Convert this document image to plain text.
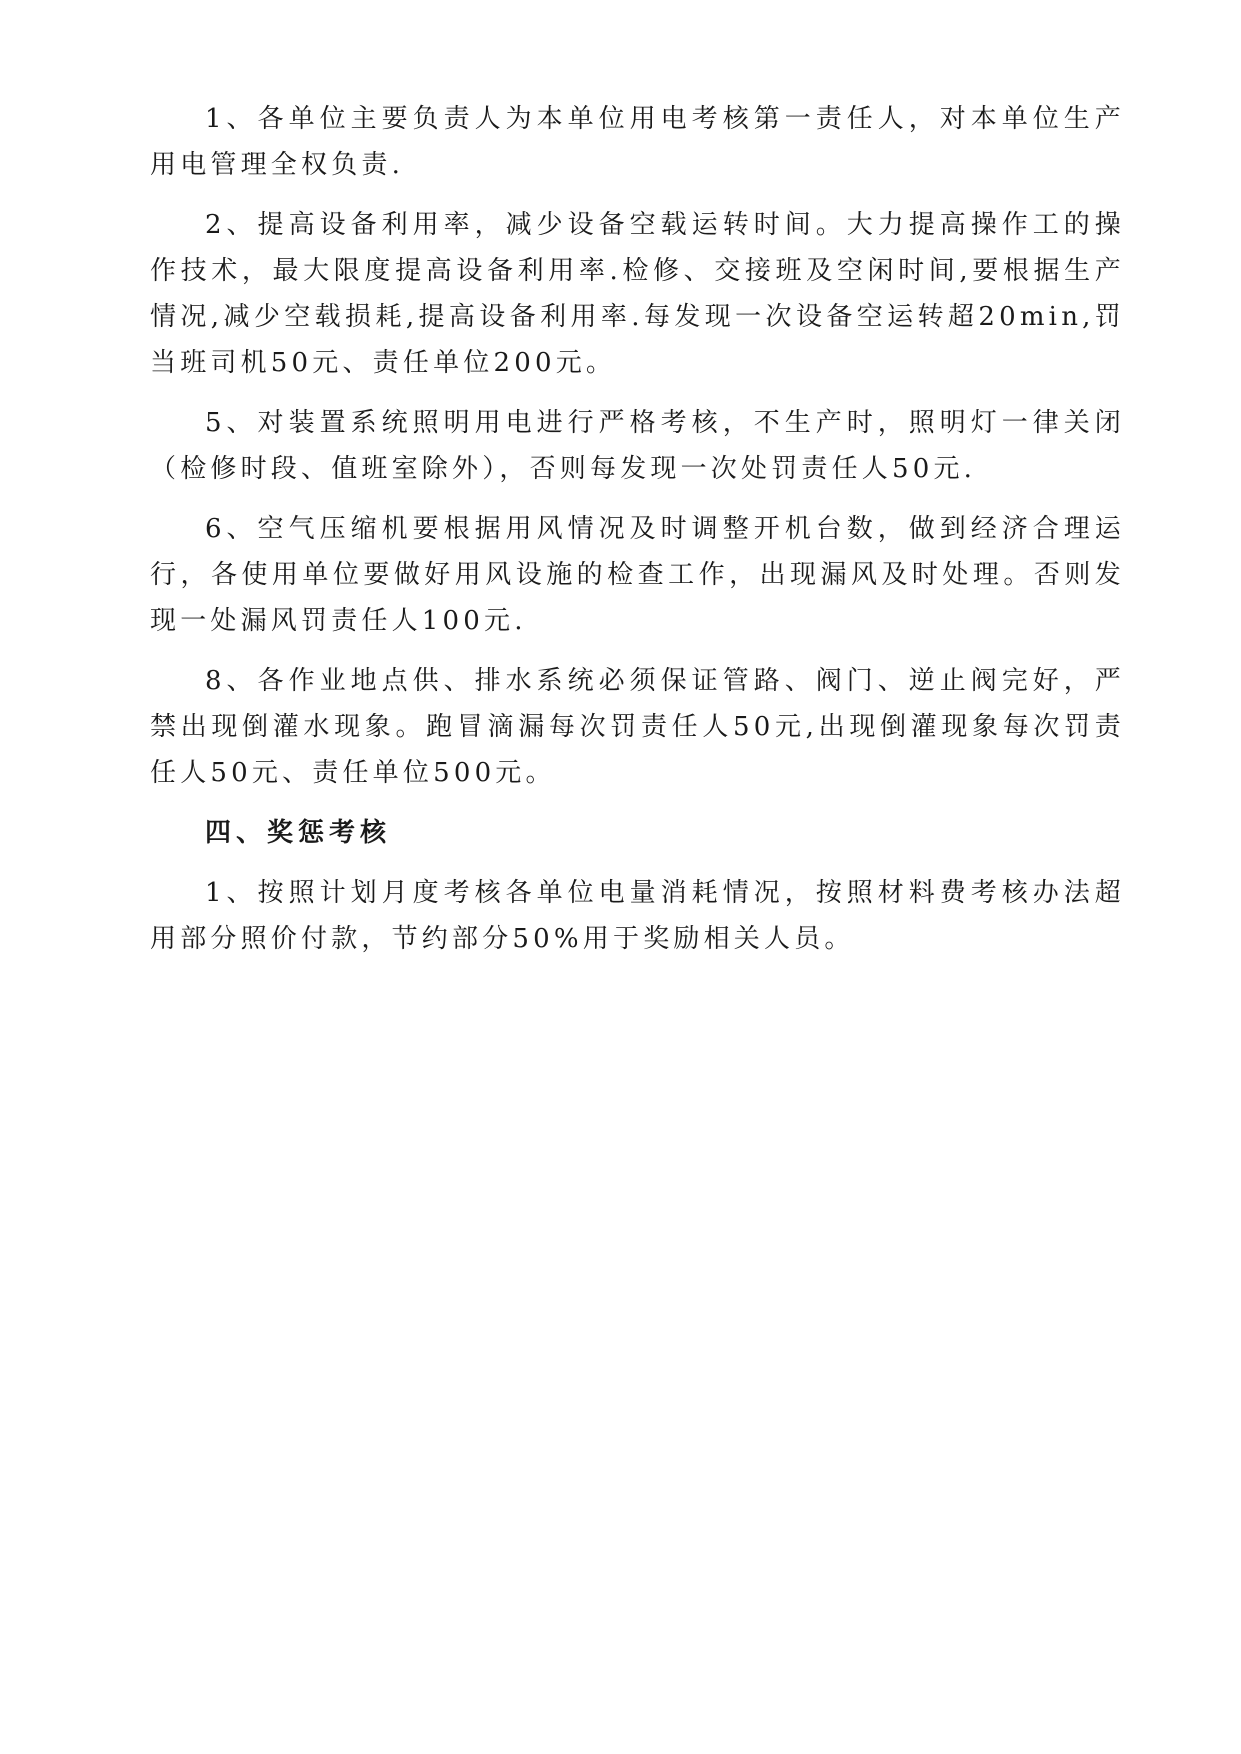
1、各单位主要负责人为本单位用电考核第一责任人，对本单位生产用电管理全权负责.

2、提高设备利用率，减少设备空载运转时间。大力提高操作工的操作技术，最大限度提高设备利用率.检修、交接班及空闲时间,要根据生产情况,减少空载损耗,提高设备利用率.每发现一次设备空运转超20min,罚当班司机50元、责任单位200元。

5、对装置系统照明用电进行严格考核，不生产时，照明灯一律关闭（检修时段、值班室除外），否则每发现一次处罚责任人50元.

6、空气压缩机要根据用风情况及时调整开机台数，做到经济合理运行，各使用单位要做好用风设施的检查工作，出现漏风及时处理。否则发现一处漏风罚责任人100元.

8、各作业地点供、排水系统必须保证管路、阀门、逆止阀完好，严禁出现倒灌水现象。跑冒滴漏每次罚责任人50元,出现倒灌现象每次罚责任人50元、责任单位500元。

四、奖惩考核

1、按照计划月度考核各单位电量消耗情况，按照材料费考核办法超用部分照价付款，节约部分50%用于奖励相关人员。
